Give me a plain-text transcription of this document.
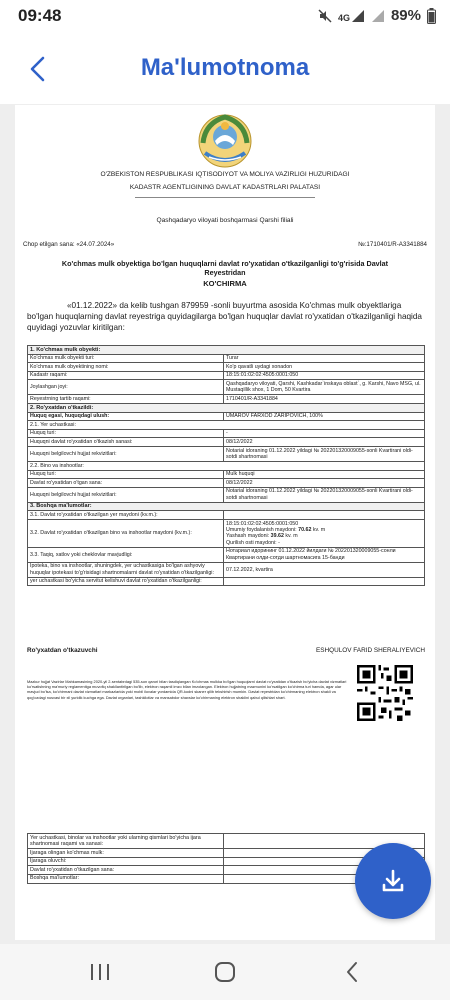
09:48	4G	89%
Ma'lumotnoma
O'ZBEKISTON RESPUBLIKASI IQTISODIYOT VA MOLIYA VAZIRLIGI HUZURIDAGI
KADASTR AGENTLIGINING DAVLAT KADASTRLARI PALATASI
Qashqadaryo viloyati boshqarmasi Qarshi filiali
Chop etilgan sana: «24.07.2024»	№:1710401/R-A3341884
Ko'chmas mulk obyektiga bo'lgan huquqlarni davlat ro'yxatidan o'tkazilganligi to'g'risida Davlat
Reyestridan
KO'CHIRMA
«01.12.2022» da kelib tushgan 879959 -sonli buyurtma asosida Ko'chmas mulk obyektlariga bo'lgan huquqlarning davlat reyestriga quyidagilarga bo'lgan huquqlar davlat ro'yxatidan o'tkazilganligi haqida quyidagi yozuvlar kiritilgan:
1. Ko'chmas mulk obyekti:	
Ko'chmas mulk obyekti turi:	Turar
Ko'chmas mulk obyektining nomi:	Ko'p qavatli uydagi xonadon
Kadastr raqami:	18:15:01:02:02:4505:0001:050
Joylashgan joyi:	Qashqadaryo viloyati, Qarshi, Kashkadar`inskaya oblast`, g. Karshi, Navo MSG, ul. Mustaqillik shox, 1 Dom, 50 Kvartira
Reyestrning tartib raqami:	1710401/R-A3341884
2. Ro'yxatdan o'tkazildi:	
Huquq egasi, huquqdagi ulush:	UMAROV FARXOD ZARIPOVICH, 100%
2.1. Yer uchastkasi:	
Huquq turi:	-
Huquqni davlat ro'yxatidan o'tkazish sanasi:	08/12/2022
Huquqni belgilovchi hujjat rekvizitlari:	Notarial idoraning 01.12.2022 yildagi № 202201320009055-sonli Kvartirani oldi-sotdi shartnomasi
2.2. Bino va inshootlar:	
Huquq turi:	Mulk huquqi
Davlat ro'yxatidan o'tgan sana:	08/12/2022
Huquqni belgilovchi hujjat rekvizitlari:	Notarial idoraning 01.12.2022 yildagi № 202201320009055-sonli Kvartirani oldi-sotdi shartnomasi
3. Boshqa ma'lumotlar:	
3.1. Davlat ro'yxatidan o'tkazilgan yer maydoni (kv.m.):	
3.2. Davlat ro'yxatidan o'tkazilgan bino va inshootlar maydoni (kv.m.):	18:15:01:02:02:4505:0001:050
Umumiy foydalanish maydoni: 70.62 kv. m
Yashash maydoni: 39.62 kv. m
Qurilish osti maydoni: -

3.3. Taqiq, xatlov yoki cheklovlar mavjudligi:	Нотариал идорининг 01.12.2022 йилдаги № 202201320009055-сонли Квартирани олди-сотди шартномасига 15-банди
Ipoteka, bino va inshootlar, shuningdek, yer uchastkasiga bo'lgan ashyoviy huquqlar ipotekasi to'g'risidagi shartnomalarni davlat ro'yxatidan o'tkazilganligi:	07.12.2022, kvartira
yer uchastkasi bo'yicha servitut kelishuvi davlat ro'yxatidan o'tkazilganligi:	
Ro'yxatdan o'tkazuvchi	ESHQULOV FARID SHERALIYEVICH
Mazkur hujjat Vazirlar Mahkamasining 2020-yil 2-sentabrdagi 535-son qarori bilan tasdiqlangan Ko'chmas mulkka bo'lgan huquqlarni davlat ro'yxatidan o'tkazish bo'yicha davlat xizmatlari ko'rsatishning ma'muriy reglamentiga muvofiq shakllantirilgan bo'lib, elektron raqamli imzo bilan imzolangan. Elektron hujjatning mazmunini ko'rsatilgan ko'chirma turi hamda, agar ular mavjud bo'lsa, ko'chirmani davlat xizmatlari markazlarida yoki mobil ilovalar yordamida QR-kodni skaner qilib tekshirish mumkin. Davlat reyestridan ko'chirmaning elektron shakli va qog'ozdagi nusxasi bir xil yuridik kuchga ega. Davlat organlari, tashkilotlar va mansabdor shaxslar ko'chirmaning elektron shaklini qabul qilishlari shart.
Yer uchastkasi, binolar va inshootlar yoki ularning qismlari bo'yicha ijara shartnomasi raqami va sanasi:	
Ijaraga olingan ko'chmas mulk:	
Ijaraga oluvchi:	
Davlat ro'yxatidan o'tkazilgan sana:	
Boshqa ma'lumotlar:	
